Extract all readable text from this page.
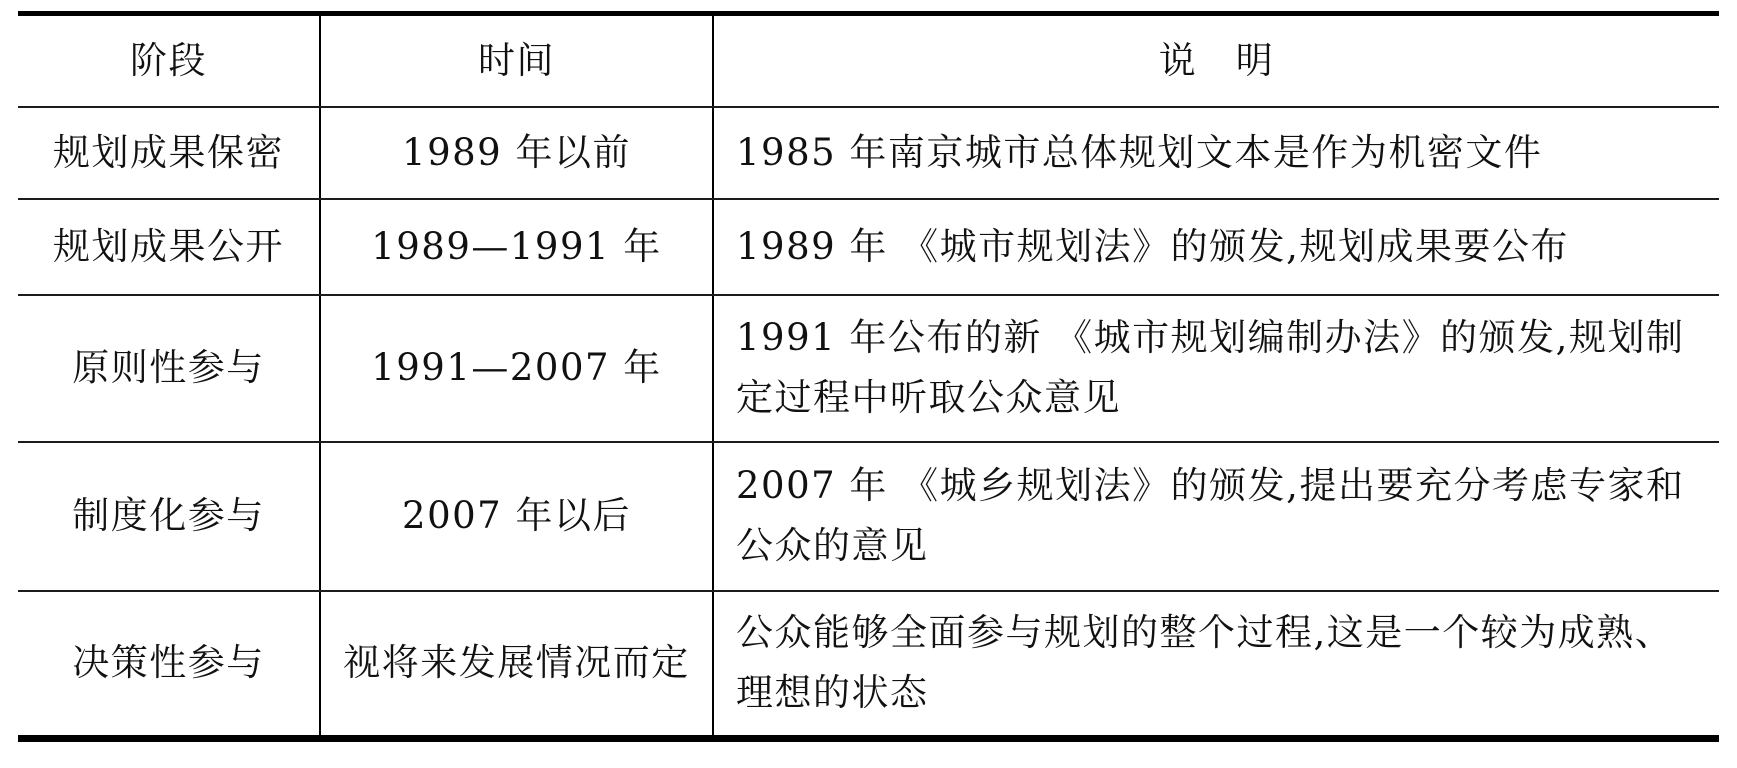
阶段	时间	说　明
规划成果保密	1989 年以前	1985 年南京城市总体规划文本是作为机密文件
规划成果公开	1989—1991 年	1989 年 《城市规划法》的颁发,规划成果要公布
原则性参与	1991—2007 年	1991 年公布的新 《城市规划编制办法》的颁发,规划制定过程中听取公众意见
制度化参与	2007 年以后	2007 年 《城乡规划法》的颁发,提出要充分考虑专家和公众的意见
决策性参与	视将来发展情况而定	公众能够全面参与规划的整个过程,这是一个较为成熟、理想的状态
